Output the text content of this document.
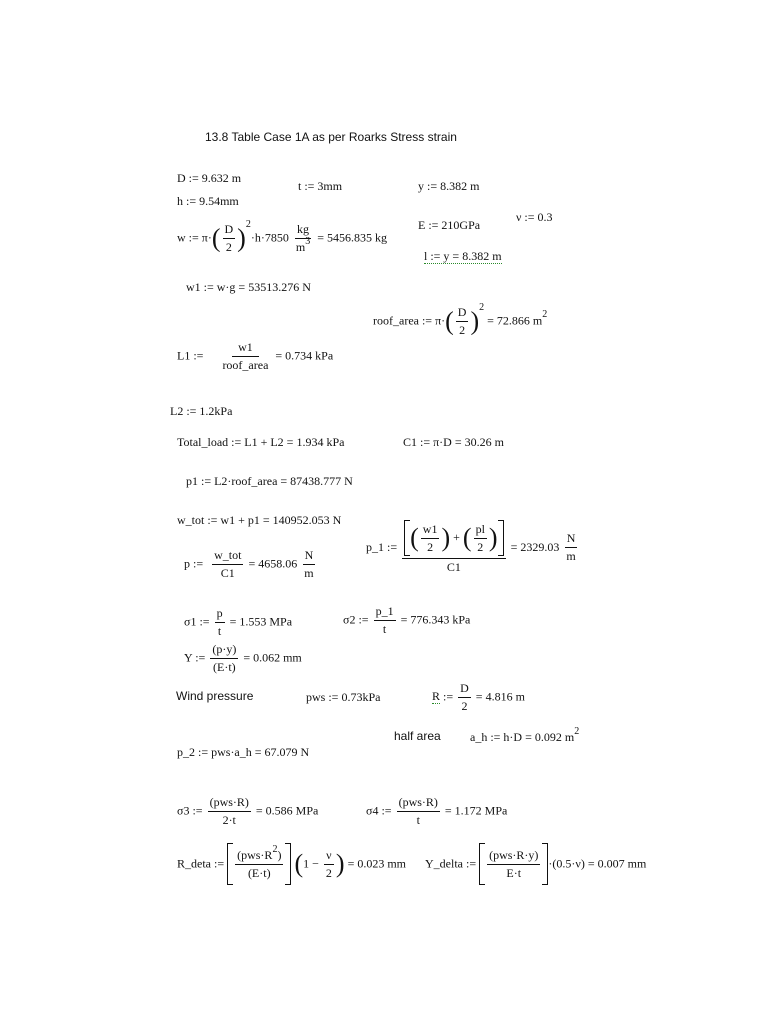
13.8 Table Case 1A as per Roarks Stress strain
D := 9.632 m
t := 3mm	y := 8.382 m
h := 9.54mm
E := 210GPa
ν := 0.3
w := $\pi\cdot( \frac{D}{2} )^2\cdot h\cdot 7850 \frac{kg}{m^3} = 5456.835$ kg
l := y = 8.382 m
w1 := w·g = 53513.276 N
roof_area := $\pi\cdot( \frac{D}{2} )^2 = 72.866$ $m^2$
L1 := $\frac{w1}{\text{roof\_area}} = 0.734$ kPa
L2 := 1.2kPa
Total_load := L1 + L2 = 1.934 kPa	C1 := π·D = 30.26 m
p1 := L2·roof_area = 87438.777 N
w_tot := w1 + p1 = 140952.053 N
p := $\frac{\text{w\_tot}}{C1} = 4658.06 \frac{N}{m}$
p_1 := $\frac{( \frac{w1}{2} ) + ( \frac{pl}{2} )}{C1} = 2329.03 \frac{N}{m}$
σ1 := $\frac{p}{t} = 1.553$ MPa	σ2 := $\frac{p\_1}{t} = 776.343$ kPa
Y := $\frac{(p\cdot y)}{(E\cdot t)} = 0.062$ mm
Wind pressure	pws := 0.73kPa	R := $\frac{D}{2} = 4.816$ m
half area a_h := h·D = 0.092 $m^2$
p_2 := pws·a_h = 67.079 N
σ3 := $\frac{\text{(pws·R)}}{2\cdot t} = 0.586$ MPa	σ4 := $\frac{\text{(pws·R)}}{t} = 1.172$ MPa
R_deta := $\frac{(pws\cdot R^2)}{(E\cdot t)} (1 - \frac{\nu}{2}$ ) = 0.023 mm Y_delta := $\frac{\text{(pws·R·y)}}{E\cdot t} \cdot(0.5\cdot\nu) = 0.007$ mm
